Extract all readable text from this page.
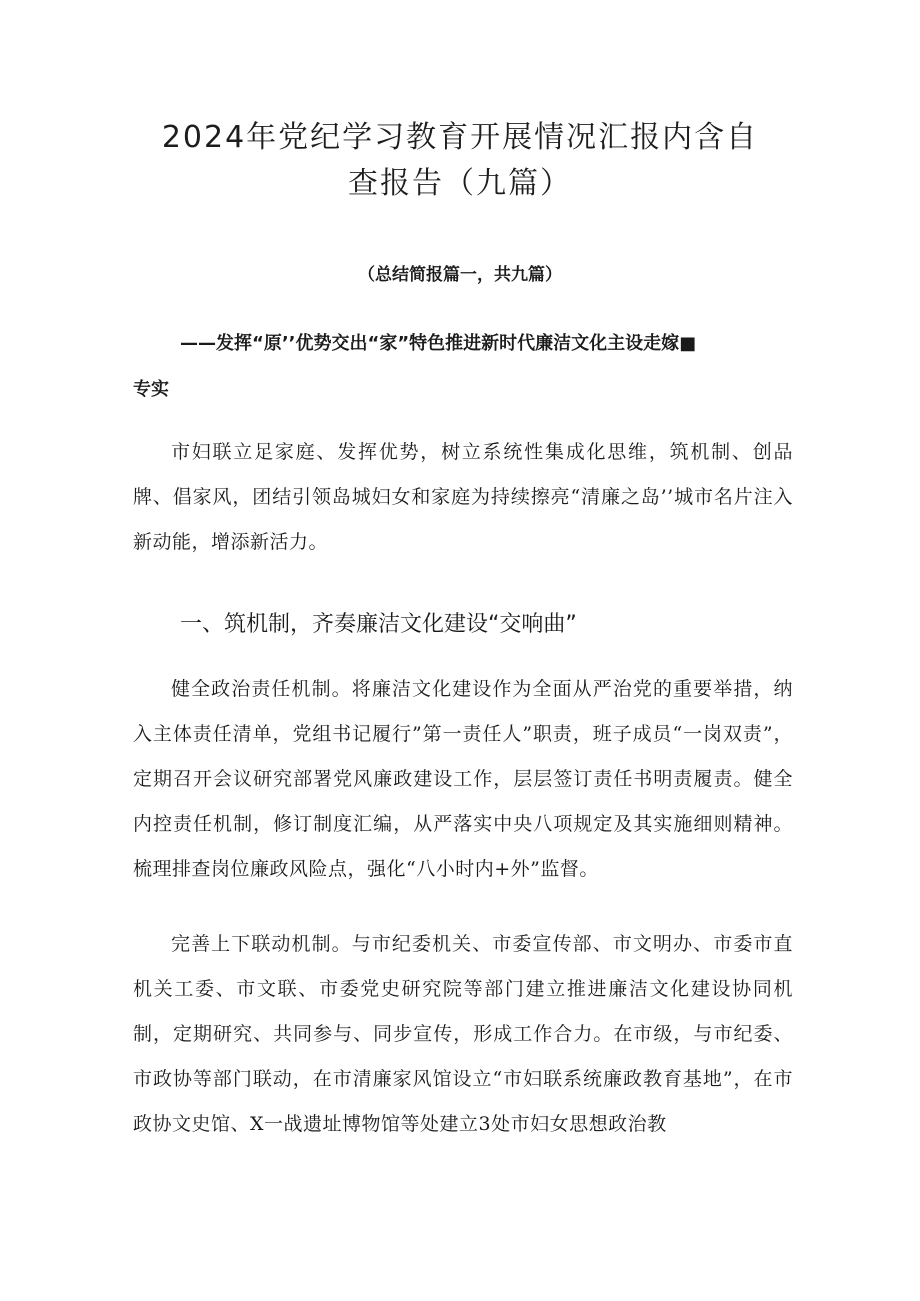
2024年党纪学习教育开展情况汇报内含自
查报告（九篇）
（总结简报篇一，共九篇）
——发挥“原’’优势交出“家”特色推进新时代廉洁文化主设走嫁■
专实
市妇联立足家庭、发挥优势，树立系统性集成化思维，筑机制、创品牌、倡家风，团结引领岛城妇女和家庭为持续擦亮“清廉之岛’’城市名片注入新动能，增添新活力。
一、筑机制，齐奏廉洁文化建设“交响曲”
健全政治责任机制。将廉洁文化建设作为全面从严治党的重要举措，纳入主体责任清单，党组书记履行”第一责任人”职责，班子成员“一岗双责”，定期召开会议研究部署党风廉政建设工作，层层签订责任书明责履责。健全内控责任机制，修订制度汇编，从严落实中央八项规定及其实施细则精神。梳理排查岗位廉政风险点，强化“八小时内+外”监督。
完善上下联动机制。与市纪委机关、市委宣传部、市文明办、市委市直机关工委、市文联、市委党史研究院等部门建立推进廉洁文化建设协同机制，定期研究、共同参与、同步宣传，形成工作合力。在市级，与市纪委、市政协等部门联动，在市清廉家风馆设立“市妇联系统廉政教育基地”，在市政协文史馆、X一战遗址博物馆等处建立3处市妇女思想政治教
